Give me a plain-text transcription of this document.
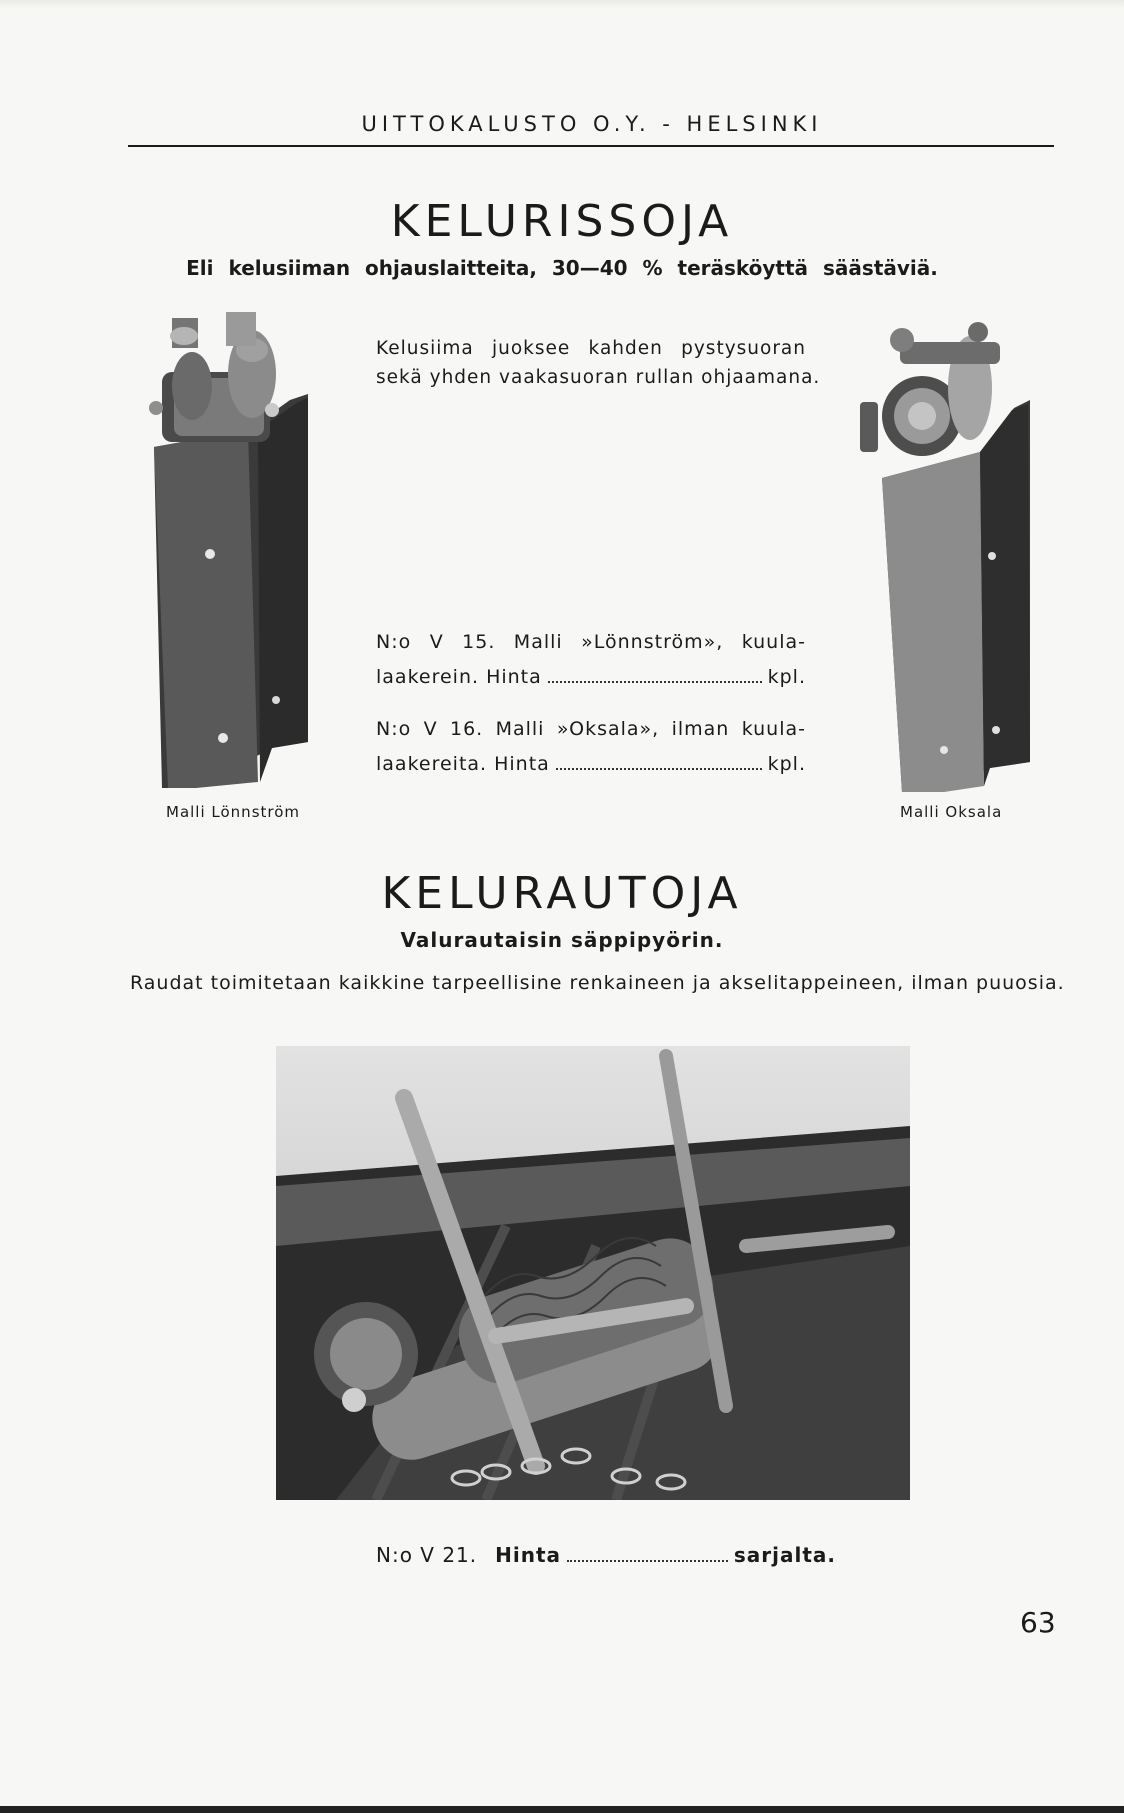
UITTOKALUSTO O.Y. - HELSINKI
KELURISSOJA
Eli kelusiiman ohjauslaitteita, 30—40 % teräsköyttä säästäviä.
Malli Lönnström	Malli Oksala
Kelusiima juoksee kahden pystysuoran
sekä yhden vaakasuoran rullan ohjaamana.
N:o V 15. Malli »Lönnström», kuula-
laakerein. Hinta	kpl.
N:o V 16. Malli »Oksala», ilman kuula-
laakereita. Hinta	kpl.
KELURAUTOJA
Valurautaisin säppipyörin.
Raudat toimitetaan kaikkine tarpeellisine renkaineen ja akselitappeineen, ilman puuosia.
N:o V 21. Hinta	sarjalta.
63
